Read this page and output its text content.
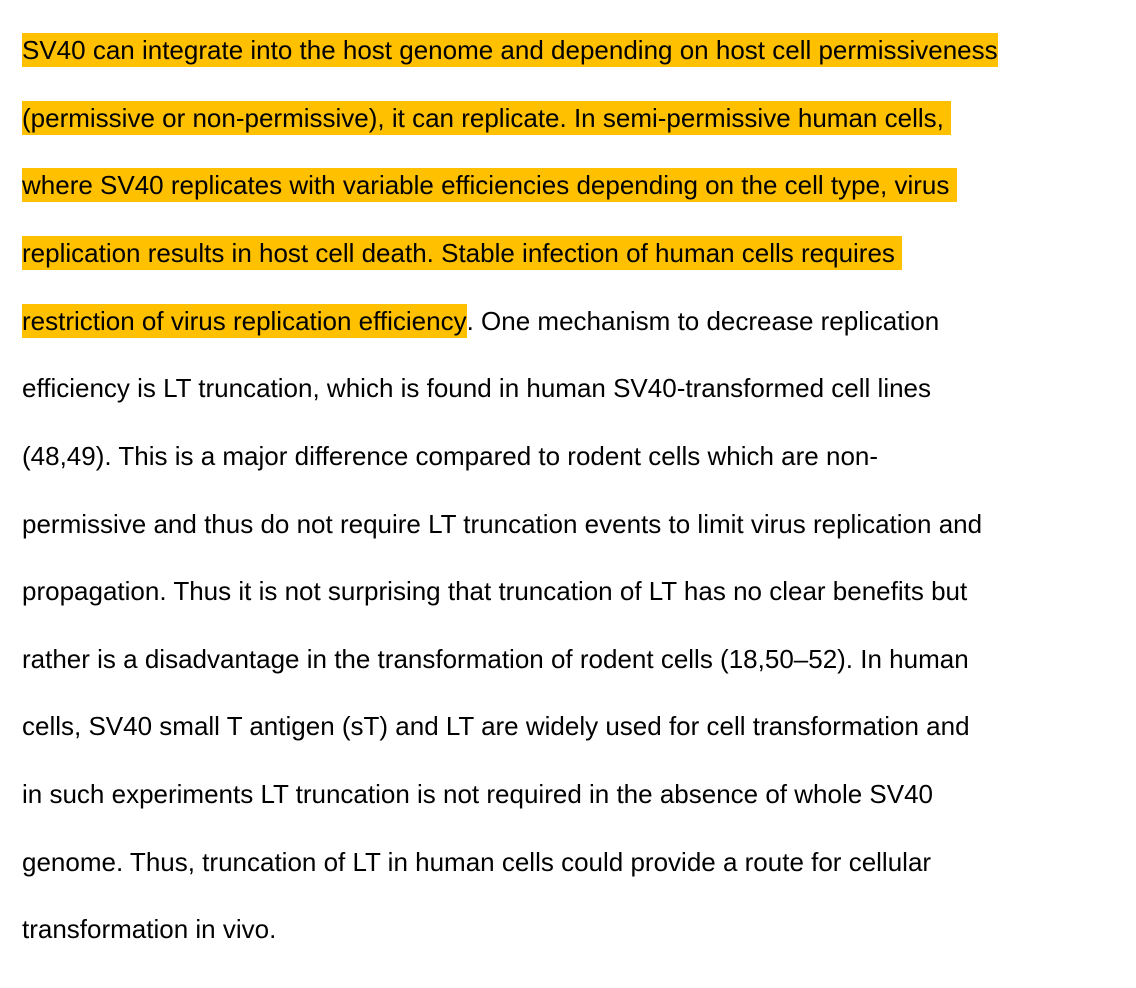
SV40 can integrate into the host genome and depending on host cell permissiveness
(permissive or non-permissive), it can replicate. In semi-permissive human cells,
where SV40 replicates with variable efficiencies depending on the cell type, virus
replication results in host cell death. Stable infection of human cells requires
restriction of virus replication efficiency. One mechanism to decrease replication
efficiency is LT truncation, which is found in human SV40-transformed cell lines
(48,49). This is a major difference compared to rodent cells which are non-
permissive and thus do not require LT truncation events to limit virus replication and
propagation. Thus it is not surprising that truncation of LT has no clear benefits but
rather is a disadvantage in the transformation of rodent cells (18,50–52). In human
cells, SV40 small T antigen (sT) and LT are widely used for cell transformation and
in such experiments LT truncation is not required in the absence of whole SV40
genome. Thus, truncation of LT in human cells could provide a route for cellular
transformation in vivo.
